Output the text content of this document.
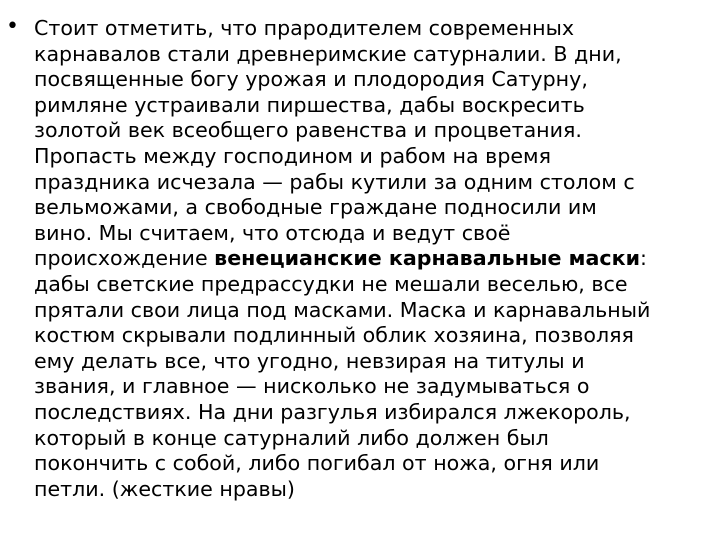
• Стоит отметить, что прародителем современных
карнавалов стали древнеримские сатурналии. В дни,
посвященные богу урожая и плодородия Сатурну,
римляне устраивали пиршества, дабы воскресить
золотой век всеобщего равенства и процветания.
Пропасть между господином и рабом на время
праздника исчезала — рабы кутили за одним столом с
вельможами, а свободные граждане подносили им
вино. Мы считаем, что отсюда и ведут своё
происхождение венецианские карнавальные маски:
дабы светские предрассудки не мешали веселью, все
прятали свои лица под масками. Маска и карнавальный
костюм скрывали подлинный облик хозяина, позволяя
ему делать все, что угодно, невзирая на титулы и
звания, и главное — нисколько не задумываться о
последствиях. На дни разгулья избирался лжекороль,
который в конце сатурналий либо должен был
покончить с собой, либо погибал от ножа, огня или
петли. (жесткие нравы)
